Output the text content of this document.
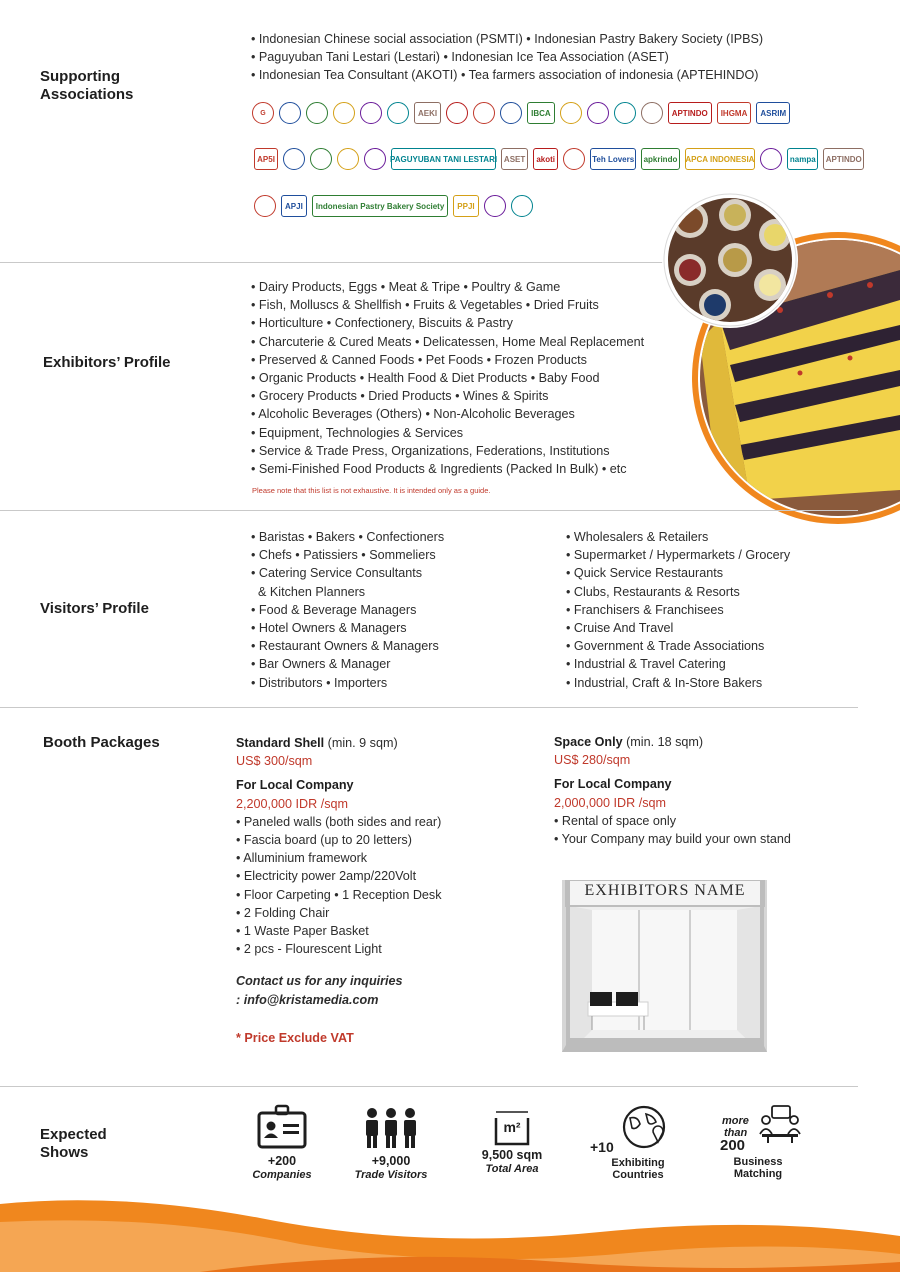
Supporting
Associations
• Indonesian Chinese social association (PSMTI) • Indonesian Pastry Bakery Society (IPBS)
• Paguyuban Tani Lestari (Lestari) • Indonesian Ice Tea Association (ASET)
• Indonesian Tea Consultant (AKOTI) • Tea farmers association of indonesia (APTEHINDO)
G	AEKI	IBCA	APTINDO	IHGMA	ASRIM
AP5I	PAGUYUBAN TANI LESTARI ASET	akoti	Teh Lovers apkrindo APCA INDONESIA	nampa	APTINDO
APJI	Indonesian Pastry Bakery Society	PPJI
Exhibitors’ Profile
• Dairy Products, Eggs • Meat & Tripe • Poultry & Game
• Fish, Molluscs & Shellfish • Fruits & Vegetables • Dried Fruits
• Horticulture • Confectionery, Biscuits & Pastry
• Charcuterie & Cured Meats • Delicatessen, Home Meal Replacement
• Preserved & Canned Foods • Pet Foods • Frozen Products
• Organic Products • Health Food & Diet Products • Baby Food
• Grocery Products • Dried Products • Wines & Spirits
• Alcoholic Beverages (Others) • Non-Alcoholic Beverages
• Equipment, Technologies & Services
• Service & Trade Press, Organizations, Federations, Institutions
• Semi-Finished Food Products & Ingredients (Packed In Bulk) • etc
Please note that this list is not exhaustive. It is intended only as a guide.
Visitors’ Profile
• Baristas • Bakers • Confectioners
• Chefs • Patissiers • Sommeliers
• Catering Service Consultants
& Kitchen Planners
• Food & Beverage Managers
• Hotel Owners & Managers
• Restaurant Owners & Managers
• Bar Owners & Manager
• Distributors • Importers
• Wholesalers & Retailers
• Supermarket / Hypermarkets / Grocery
• Quick Service Restaurants
• Clubs, Restaurants & Resorts
• Franchisers & Franchisees
• Cruise And Travel
• Government & Trade Associations
• Industrial & Travel Catering
• Industrial, Craft & In-Store Bakers
Booth Packages	Standard Shell (min. 9 sqm)
US$ 300/sqm
For Local Company
2,200,000 IDR /sqm
• Paneled walls (both sides and rear)
• Fascia board (up to 20 letters)
• Alluminium framework
• Electricity power 2amp/220Volt
• Floor Carpeting • 1 Reception Desk
• 2 Folding Chair
• 1 Waste Paper Basket
• 2 pcs - Flourescent Light
Contact us for any inquiries
: info@kristamedia.com
* Price Exclude VAT
Space Only (min. 18 sqm)
US$ 280/sqm
For Local Company
2,000,000 IDR /sqm
• Rental of space only
• Your Company may build your own stand
EXHIBITORS NAME
Expected
Shows	+200
Companies
+9,000
Trade Visitors
m²
9,500 sqm
Total Area
+10
Exhibiting
Countries
more
than
200
Business
Matching
